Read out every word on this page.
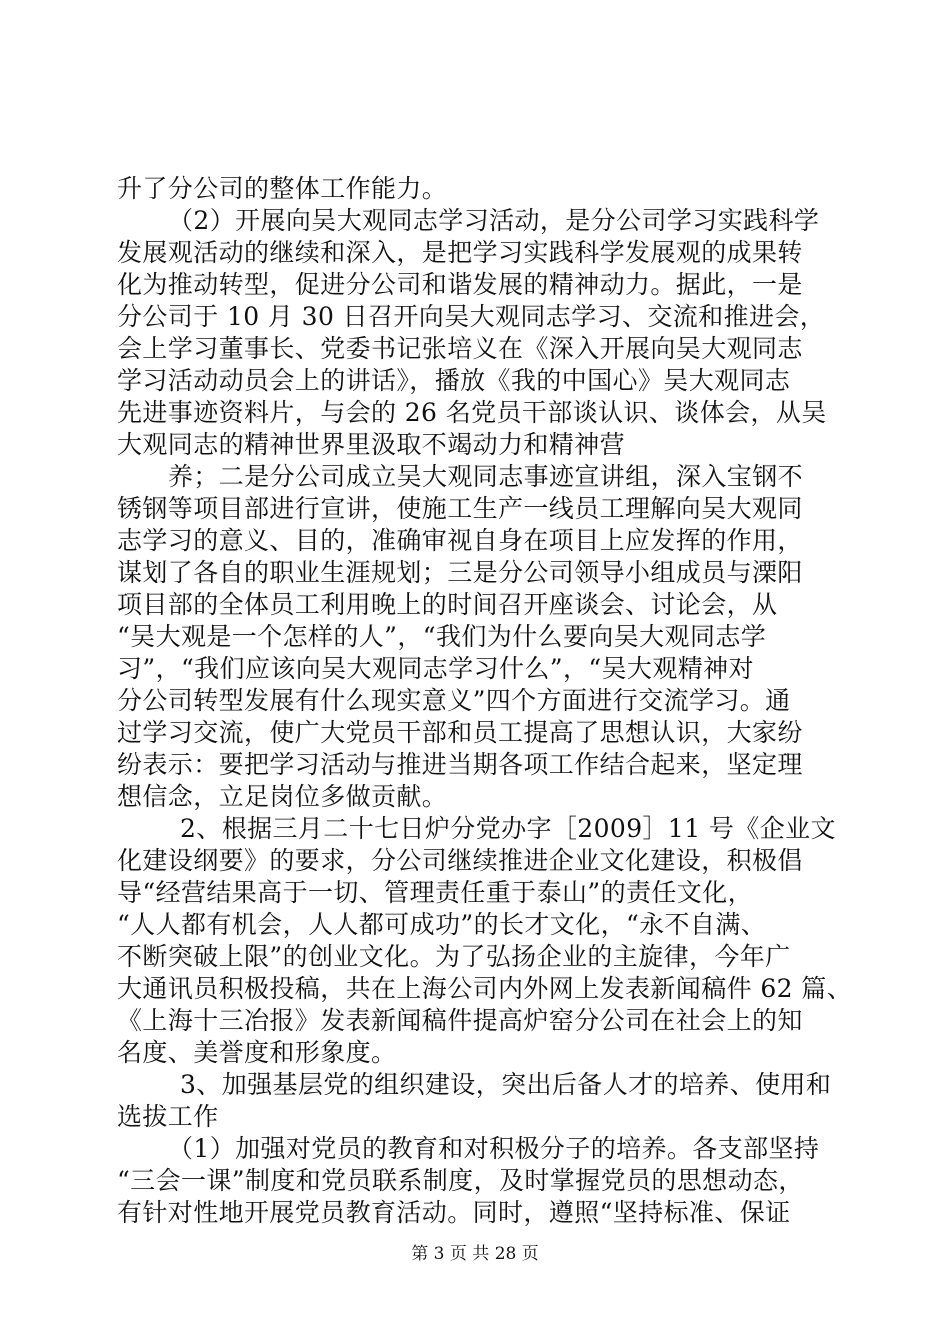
升了分公司的整体工作能力。
（2）开展向吴大观同志学习活动，是分公司学习实践科学
发展观活动的继续和深入，是把学习实践科学发展观的成果转
化为推动转型，促进分公司和谐发展的精神动力。据此，一是
分公司于 10 月 30 日召开向吴大观同志学习、交流和推进会，
会上学习董事长、党委书记张培义在《深入开展向吴大观同志
学习活动动员会上的讲话》，播放《我的中国心》吴大观同志
先进事迹资料片，与会的 26 名党员干部谈认识、谈体会，从吴
大观同志的精神世界里汲取不竭动力和精神营
养；二是分公司成立吴大观同志事迹宣讲组，深入宝钢不
锈钢等项目部进行宣讲，使施工生产一线员工理解向吴大观同
志学习的意义、目的，准确审视自身在项目上应发挥的作用，
谋划了各自的职业生涯规划；三是分公司领导小组成员与溧阳
项目部的全体员工利用晚上的时间召开座谈会、讨论会，从
“吴大观是一个怎样的人”，“我们为什么要向吴大观同志学
习”，“我们应该向吴大观同志学习什么”，“吴大观精神对
分公司转型发展有什么现实意义”四个方面进行交流学习。通
过学习交流，使广大党员干部和员工提高了思想认识，大家纷
纷表示：要把学习活动与推进当期各项工作结合起来，坚定理
想信念，立足岗位多做贡献。
2、根据三月二十七日炉分党办字［2009］11 号《企业文
化建设纲要》的要求，分公司继续推进企业文化建设，积极倡
导“经营结果高于一切、管理责任重于泰山”的责任文化，
“人人都有机会，人人都可成功”的长才文化，“永不自满、
不断突破上限”的创业文化。为了弘扬企业的主旋律，今年广
大通讯员积极投稿，共在上海公司内外网上发表新闻稿件 62 篇、
《上海十三冶报》发表新闻稿件提高炉窑分公司在社会上的知
名度、美誉度和形象度。
3、加强基层党的组织建设，突出后备人才的培养、使用和
选拔工作
（1）加强对党员的教育和对积极分子的培养。各支部坚持
“三会一课”制度和党员联系制度，及时掌握党员的思想动态，
有针对性地开展党员教育活动。同时，遵照“坚持标准、保证
第 3 页 共 28 页
